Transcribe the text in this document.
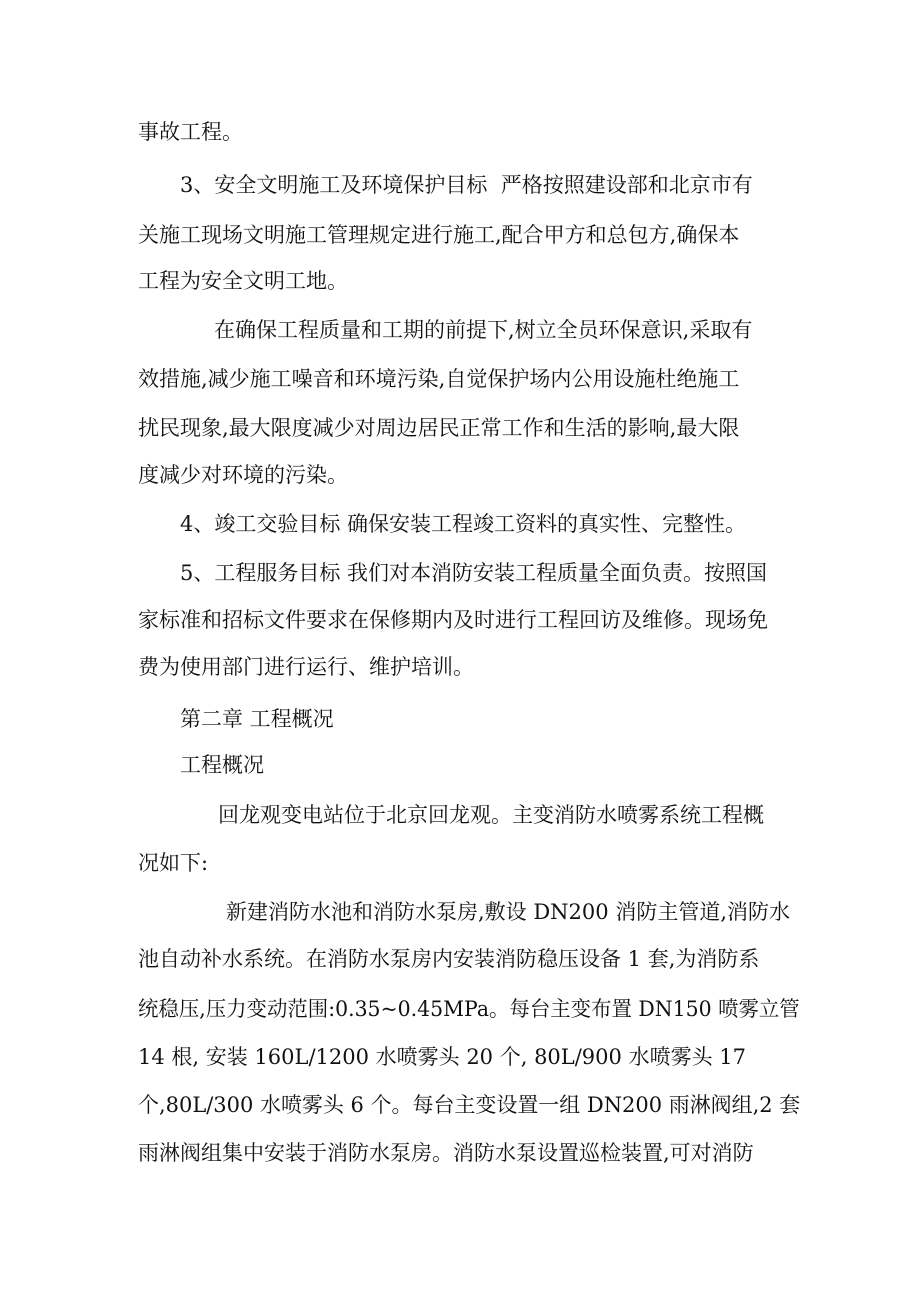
事故工程。
3、安全文明施工及环境保护目标  严格按照建设部和北京市有
关施工现场文明施工管理规定进行施工,配合甲方和总包方,确保本
工程为安全文明工地。
在确保工程质量和工期的前提下,树立全员环保意识,采取有
效措施,减少施工噪音和环境污染,自觉保护场内公用设施杜绝施工
扰民现象,最大限度减少对周边居民正常工作和生活的影响,最大限
度减少对环境的污染。
4、竣工交验目标 确保安装工程竣工资料的真实性、完整性。
5、工程服务目标 我们对本消防安装工程质量全面负责。按照国
家标准和招标文件要求在保修期内及时进行工程回访及维修。现场免
费为使用部门进行运行、维护培训。
第二章 工程概况
工程概况
回龙观变电站位于北京回龙观。主变消防水喷雾系统工程概
况如下:
新建消防水池和消防水泵房,敷设 DN200 消防主管道,消防水
池自动补水系统。在消防水泵房内安装消防稳压设备 1 套,为消防系
统稳压,压力变动范围:0.35~0.45MPa。每台主变布置 DN150 喷雾立管
14 根, 安装 160L/1200 水喷雾头 20 个, 80L/900 水喷雾头 17
个,80L/300 水喷雾头 6 个。每台主变设置一组 DN200 雨淋阀组,2 套
雨淋阀组集中安装于消防水泵房。消防水泵设置巡检装置,可对消防
